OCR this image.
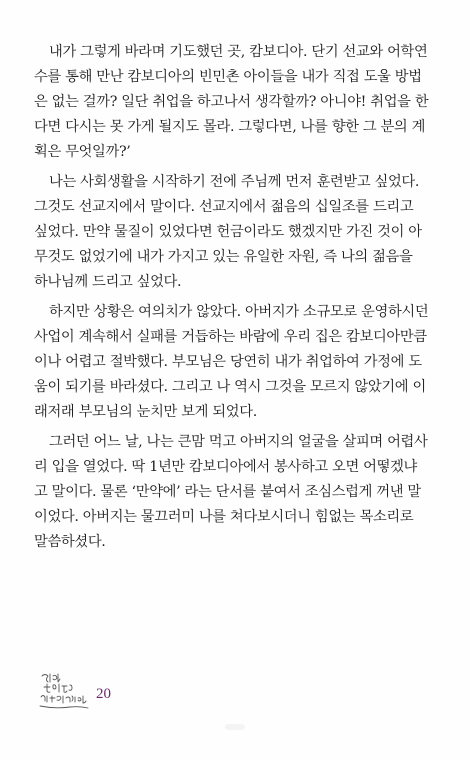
내가 그렇게 바라며 기도했던 곳, 캄보디아. 단기 선교와 어학연
수를 통해 만난 캄보디아의 빈민촌 아이들을 내가 직접 도울 방법
은 없는 걸까? 일단 취업을 하고나서 생각할까? 아니야! 취업을 한
다면 다시는 못 가게 될지도 몰라. 그렇다면, 나를 향한 그 분의 계
획은 무엇일까?’

나는 사회생활을 시작하기 전에 주님께 먼저 훈련받고 싶었다.
그것도 선교지에서 말이다. 선교지에서 젊음의 십일조를 드리고
싶었다. 만약 물질이 있었다면 헌금이라도 했겠지만 가진 것이 아
무것도 없었기에 내가 가지고 있는 유일한 자원, 즉 나의 젊음을
하나님께 드리고 싶었다.

하지만 상황은 여의치가 않았다. 아버지가 소규모로 운영하시던
사업이 계속해서 실패를 거듭하는 바람에 우리 집은 캄보디아만큼
이나 어렵고 절박했다. 부모님은 당연히 내가 취업하여 가정에 도
움이 되기를 바라셨다. 그리고 나 역시 그것을 모르지 않았기에 이
래저래 부모님의 눈치만 보게 되었다.

그러던 어느 날, 나는 큰맘 먹고 아버지의 얼굴을 살피며 어렵사
리 입을 열었다. 딱 1년만 캄보디아에서 봉사하고 오면 어떻겠냐
고 말이다. 물론 ‘만약에’ 라는 단서를 붙여서 조심스럽게 꺼낸 말
이었다. 아버지는 물끄러미 나를 쳐다보시더니 힘없는 목소리로
말씀하셨다.

20
